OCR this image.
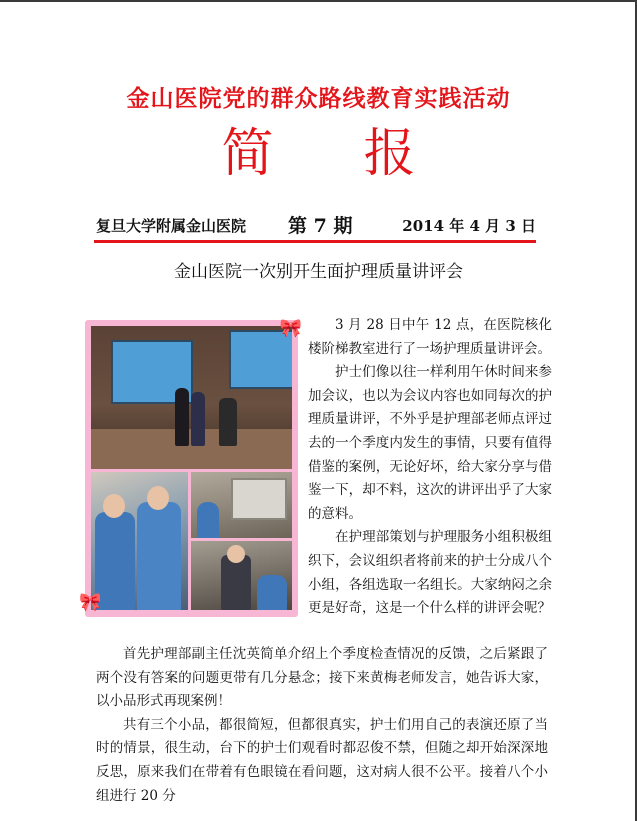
金山医院党的群众路线教育实践活动
简报
复旦大学附属金山医院 第 7 期	2014 年 4 月 3 日
金山医院一次别开生面护理质量讲评会
🎀
🎀

3 月 28 日中午 12 点，在医院核化楼阶梯教室进行了一场护理质量讲评会。

护士们像以往一样利用午休时间来参加会议，也以为会议内容也如同每次的护理质量讲评，不外乎是护理部老师点评过去的一个季度内发生的事情，只要有值得借鉴的案例，无论好坏，给大家分享与借鉴一下，却不料，这次的讲评出乎了大家的意料。

在护理部策划与护理服务小组积极组织下，会议组织者将前来的护士分成八个小组，各组选取一名组长。大家纳闷之余更是好奇，这是一个什么样的讲评会呢？

首先护理部副主任沈英简单介绍上个季度检查情况的反馈，之后紧跟了两个没有答案的问题更带有几分悬念；接下来黄梅老师发言，她告诉大家，以小品形式再现案例！

共有三个小品，都很简短，但都很真实，护士们用自己的表演还原了当时的情景，很生动，台下的护士们观看时都忍俊不禁，但随之却开始深深地反思，原来我们在带着有色眼镜在看问题，这对病人很不公平。接着八个小组进行 20 分
